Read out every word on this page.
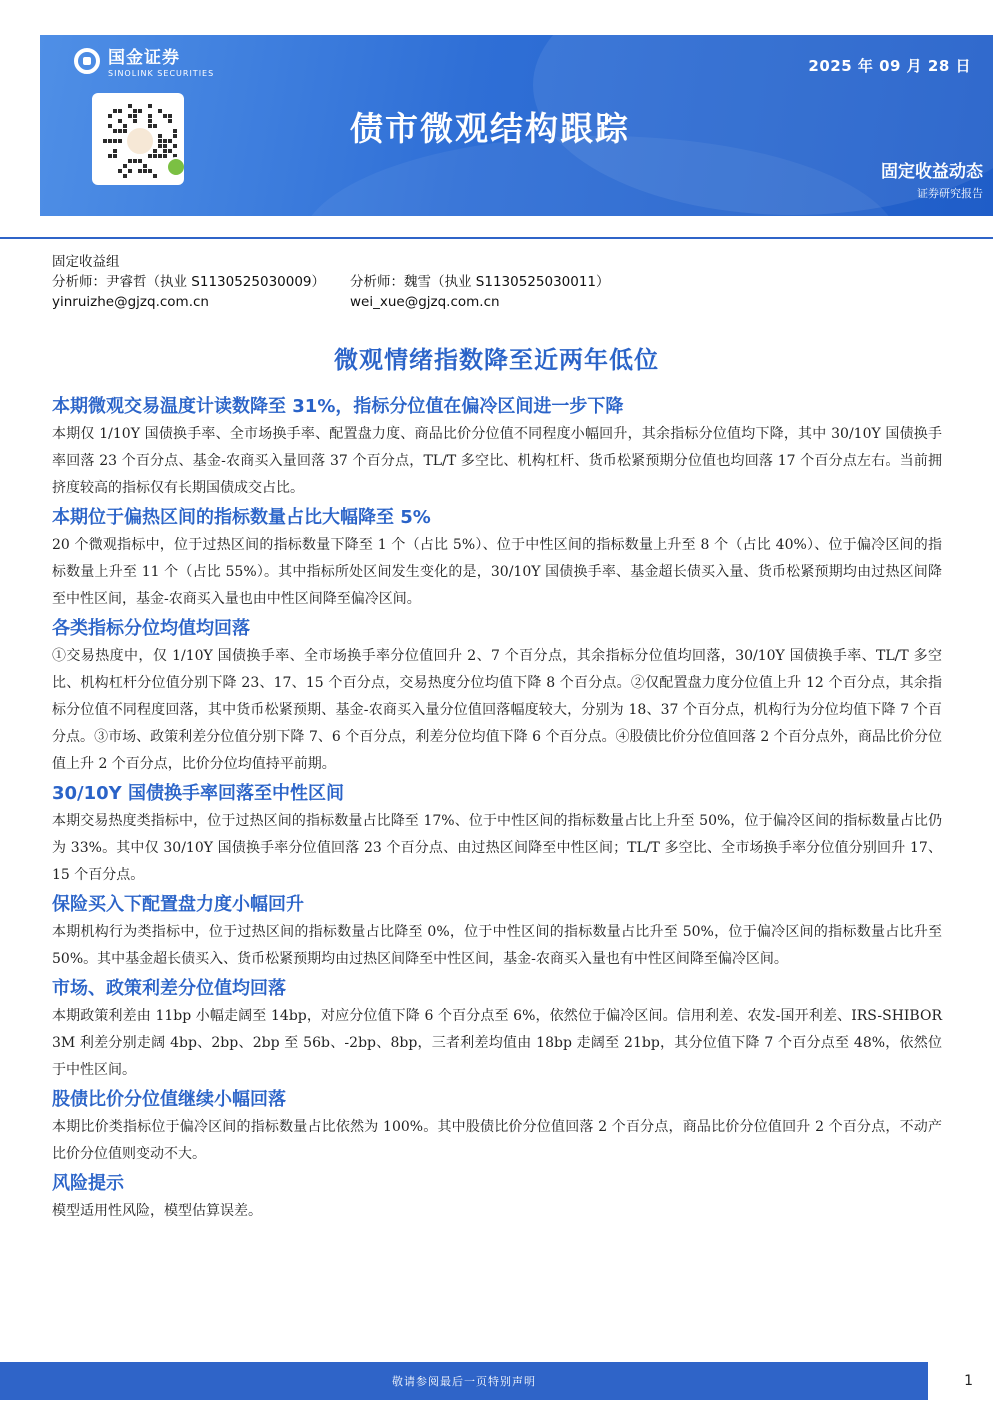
国金证券
SINOLINK SECURITIES	2025 年 09 月 28 日
债市微观结构跟踪
固定收益动态
证券研究报告
固定收益组
分析师：尹睿哲（执业 S1130525030009）	分析师：魏雪（执业 S1130525030011）
yinruizhe@gjzq.com.cn	wei_xue@gjzq.com.cn
微观情绪指数降至近两年低位
本期微观交易温度计读数降至 31%，指标分位值在偏冷区间进一步下降

本期仅 1/10Y 国债换手率、全市场换手率、配置盘力度、商品比价分位值不同程度小幅回升，其余指标分位值均下降，其中 30/10Y 国债换手率回落 23 个百分点、基金-农商买入量回落 37 个百分点，TL/T 多空比、机构杠杆、货币松紧预期分位值也均回落 17 个百分点左右。当前拥挤度较高的指标仅有长期国债成交占比。

本期位于偏热区间的指标数量占比大幅降至 5%

20 个微观指标中，位于过热区间的指标数量下降至 1 个（占比 5%）、位于中性区间的指标数量上升至 8 个（占比 40%）、位于偏冷区间的指标数量上升至 11 个（占比 55%）。其中指标所处区间发生变化的是，30/10Y 国债换手率、基金超长债买入量、货币松紧预期均由过热区间降至中性区间，基金-农商买入量也由中性区间降至偏冷区间。

各类指标分位均值均回落

①交易热度中，仅 1/10Y 国债换手率、全市场换手率分位值回升 2、7 个百分点，其余指标分位值均回落，30/10Y 国债换手率、TL/T 多空比、机构杠杆分位值分别下降 23、17、15 个百分点，交易热度分位均值下降 8 个百分点。②仅配置盘力度分位值上升 12 个百分点，其余指标分位值不同程度回落，其中货币松紧预期、基金-农商买入量分位值回落幅度较大，分别为 18、37 个百分点，机构行为分位均值下降 7 个百分点。③市场、政策利差分位值分别下降 7、6 个百分点，利差分位均值下降 6 个百分点。④股债比价分位值回落 2 个百分点外，商品比价分位值上升 2 个百分点，比价分位均值持平前期。

30/10Y 国债换手率回落至中性区间

本期交易热度类指标中，位于过热区间的指标数量占比降至 17%、位于中性区间的指标数量占比上升至 50%，位于偏冷区间的指标数量占比仍为 33%。其中仅 30/10Y 国债换手率分位值回落 23 个百分点、由过热区间降至中性区间；TL/T 多空比、全市场换手率分位值分别回升 17、15 个百分点。

保险买入下配置盘力度小幅回升

本期机构行为类指标中，位于过热区间的指标数量占比降至 0%，位于中性区间的指标数量占比升至 50%，位于偏冷区间的指标数量占比升至 50%。其中基金超长债买入、货币松紧预期均由过热区间降至中性区间，基金-农商买入量也有中性区间降至偏冷区间。

市场、政策利差分位值均回落

本期政策利差由 11bp 小幅走阔至 14bp，对应分位值下降 6 个百分点至 6%，依然位于偏冷区间。信用利差、农发-国开利差、IRS-SHIBOR 3M 利差分别走阔 4bp、2bp、2bp 至 56b、-2bp、8bp，三者利差均值由 18bp 走阔至 21bp，其分位值下降 7 个百分点至 48%，依然位于中性区间。

股债比价分位值继续小幅回落

本期比价类指标位于偏冷区间的指标数量占比依然为 100%。其中股债比价分位值回落 2 个百分点，商品比价分位值回升 2 个百分点，不动产比价分位值则变动不大。

风险提示

模型适用性风险，模型估算误差。

敬请参阅最后一页特别声明	1
